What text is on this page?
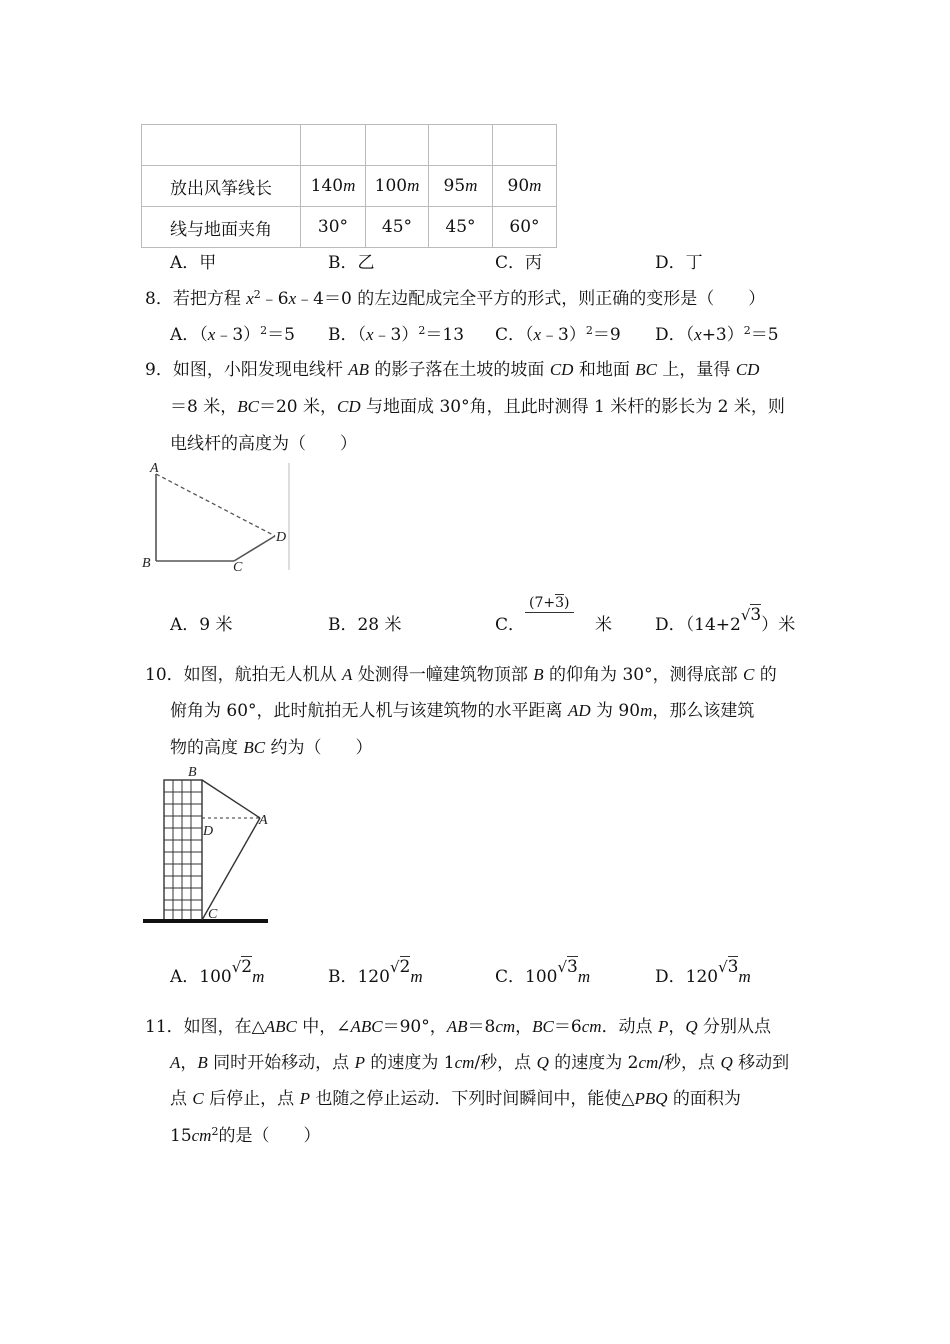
放出风筝线长	140m	100m	95m	90m
线与地面夹角	30°	45°	45°	60°
A．甲	B．乙	C．丙	D．丁
8．若把方程 $x^2﹣6x﹣4=0$ 的左边配成完全平方的形式，则正确的变形是（　　）
A．（x﹣3）$^2$＝5 B．（x﹣3）$^2$＝13 C．（x﹣3）$^2$＝9 D．$(x+3)^2=5$
9．如图，小阳发现电线杆 AB 的影子落在土坡的坡面 CD 和地面 BC 上，量得 CD
＝8 米，BC＝20 米，CD 与地面成 30°角，且此时测得 1 米杆的影长为 2 米，则
电线杆的高度为（　　）
A
B	C
D
A．9 米	B．28 米	C．
(7+3)
米	D．（14+2√3）米
10．如图，航拍无人机从 A 处测得一幢建筑物顶部 B 的仰角为 30°，测得底部 C 的
俯角为 60°，此时航拍无人机与该建筑物的水平距离 AD 为 90m，那么该建筑
物的高度 BC 约为（　　）
B
A
D
C
A．100√2m	B．120√2m	C．100√3m	D．120√3m
11．如图，在△ABC 中，∠ABC＝90°，AB＝8cm，BC＝6cm．动点 P，Q 分别从点
A，B 同时开始移动，点 P 的速度为 1cm/秒，点 Q 的速度为 2cm/秒，点 Q 移动到
点 C 后停止，点 P 也随之停止运动．下列时间瞬间中，能使△PBQ 的面积为
$15cm^2$的是（　　）
